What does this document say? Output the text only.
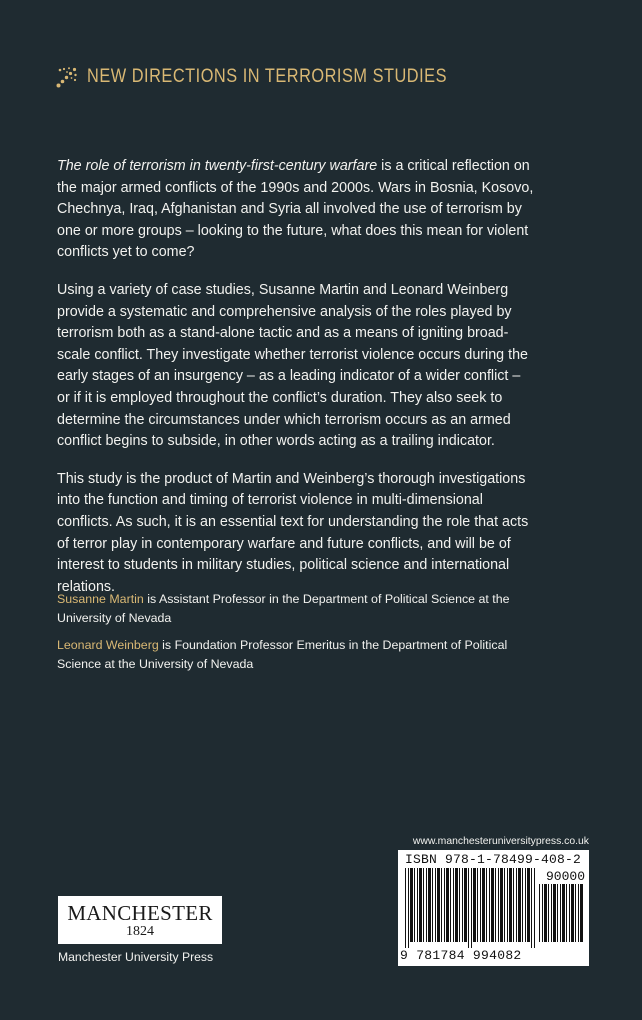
NEW DIRECTIONS IN TERRORISM STUDIES

The role of terrorism in twenty-first-century warfare is a critical reflection on the major armed conflicts of the 1990s and 2000s. Wars in Bosnia, Kosovo, Chechnya, Iraq, Afghanistan and Syria all involved the use of terrorism by one or more groups – looking to the future, what does this mean for violent conflicts yet to come?

Using a variety of case studies, Susanne Martin and Leonard Weinberg provide a systematic and comprehensive analysis of the roles played by terrorism both as a stand-alone tactic and as a means of igniting broad-scale conflict. They investigate whether terrorist violence occurs during the early stages of an insurgency – as a leading indicator of a wider conflict – or if it is employed throughout the conflict’s duration. They also seek to determine the circumstances under which terrorism occurs as an armed conflict begins to subside, in other words acting as a trailing indicator.

This study is the product of Martin and Weinberg’s thorough investigations into the function and timing of terrorist violence in multi-dimensional conflicts. As such, it is an essential text for understanding the role that acts of terror play in contemporary warfare and future conflicts, and will be of interest to students in military studies, political science and international relations.

Susanne Martin is Assistant Professor in the Department of Political Science at the University of Nevada

Leonard Weinberg is Foundation Professor Emeritus in the Department of Political Science at the University of Nevada

www.manchesteruniversitypress.co.uk
ISBN 978-1-78499-408-2
90000
9 781784 994082
MANCHESTER
1824
Manchester University Press
